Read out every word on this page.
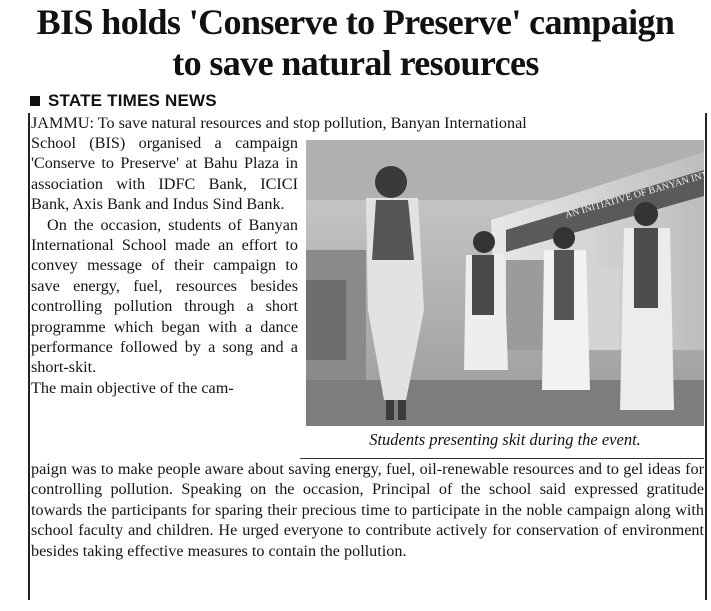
BIS holds 'Conserve to Preserve' campaign
to save natural resources
STATE TIMES NEWS
JAMMU: To save natural resources and stop pollution, Banyan International

School (BIS) organised a campaign 'Conserve to Preserve' at Bahu Plaza in association with IDFC Bank, ICICI Bank, Axis Bank and Indus Sind Bank.

On the occasion, students of Banyan International School made an effort to convey message of their campaign to save energy, fuel, resources besides controlling pollution through a short programme which began with a dance performance followed by a song and a short-skit.

The main objective of the cam-

Students presenting skit during the event.
paign was to make people aware about saving energy, fuel, oil-renewable resources and to gel ideas for controlling pollution. Speaking on the occasion, Principal of the school said expressed gratitude towards the participants for sparing their precious time to participate in the noble campaign along with school faculty and children. He urged everyone to contribute actively for conservation of environment besides taking effective measures to contain the pollution.
